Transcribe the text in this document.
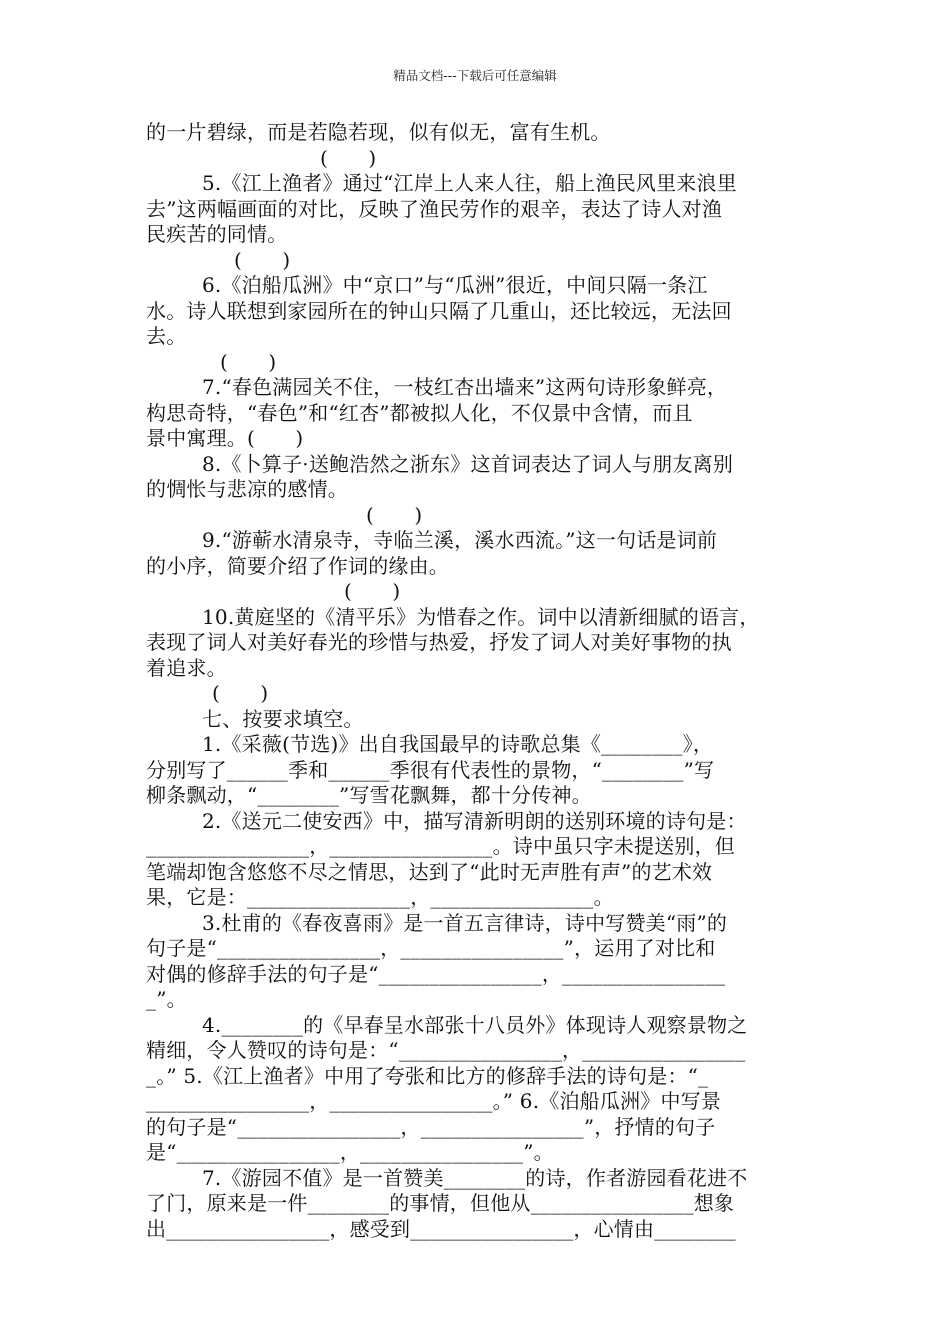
精品文档---下载后可任意编辑
的一片碧绿，而是若隐若现，似有似无，富有生机。
(　　)
5.《江上渔者》通过“江岸上人来人往，船上渔民风里来浪里
去”这两幅画面的对比，反映了渔民劳作的艰辛，表达了诗人对渔
民疾苦的同情。
(　　)
6.《泊船瓜洲》中“京口”与“瓜洲”很近，中间只隔一条江
水。诗人联想到家园所在的钟山只隔了几重山，还比较远，无法回
去。
(　　)
7.“春色满园关不住，一枝红杏出墙来”这两句诗形象鲜亮，
构思奇特，“春色”和“红杏”都被拟人化，不仅景中含情，而且
景中寓理。(　　)
8.《卜算子·送鲍浩然之浙东》这首词表达了词人与朋友离别
的惆怅与悲凉的感情。
(　　)
9.“游蕲水清泉寺，寺临兰溪，溪水西流。”这一句话是词前
的小序，简要介绍了作词的缘由。
(　　)
10.黄庭坚的《清平乐》为惜春之作。词中以清新细腻的语言，
表现了词人对美好春光的珍惜与热爱，抒发了词人对美好事物的执
着追求。
(　　)
七、按要求填空。
1.《采薇(节选)》出自我国最早的诗歌总集《________》，
分别写了______季和______季很有代表性的景物，“________”写
柳条飘动，“________”写雪花飘舞，都十分传神。
2.《送元二使安西》中，描写清新明朗的送别环境的诗句是：
________________，________________。诗中虽只字未提送别，但
笔端却饱含悠悠不尽之情思，达到了“此时无声胜有声”的艺术效
果，它是：________________，________________。
3.杜甫的《春夜喜雨》是一首五言律诗，诗中写赞美“雨”的
句子是“________________，________________”，运用了对比和
对偶的修辞手法的句子是“________________，________________
_”。
4.________的《早春呈水部张十八员外》体现诗人观察景物之
精细，令人赞叹的诗句是：“________________，________________
_。” 5.《江上渔者》中用了夸张和比方的修辞手法的诗句是：“_
________________，________________。” 6.《泊船瓜洲》中写景
的句子是“________________，________________”，抒情的句子
是“________________，________________”。
7.《游园不值》是一首赞美________的诗，作者游园看花进不
了门，原来是一件________的事情，但他从________________想象
出________________，感受到________________，心情由________
